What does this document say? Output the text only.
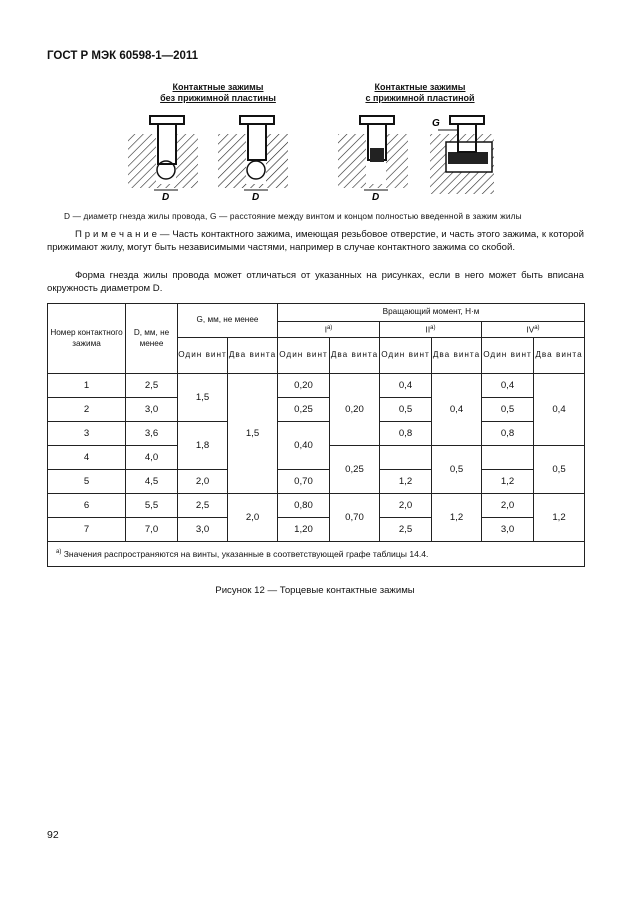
ГОСТ Р МЭК 60598-1—2011
Контактные зажимы
без прижимной пластины
Контактные зажимы
с прижимной пластиной
D	D	D
G
D — диаметр гнезда жилы провода, G — расстояние между винтом и концом полностью введенной в зажим жилы
П р и м е ч а н и е — Часть контактного зажима, имеющая резьбовое отверстие, и часть этого зажима, к которой прижимают жилу, могут быть независимыми частями, например в случае контактного зажима со скобой.
Форма гнезда жилы провода может отличаться от указанных на рисунках, если в него может быть вписана окружность диаметром D.
Номер контактного зажима	D, мм, не менее	G, мм, не менее		Вращающий момент, Н·м					
				$I^{а)}$		$II^{а)}$		$IV^{а)}$
		Один винт	Два винта	Один винт	Два винта	Один винт	Два винта	Один винт	Два винта
1	2,5	1,5	1,5	0,20	0,20	0,4	0,4	0,4	0,4
2	3,0			0,25		0,5		0,5	
3	3,6	1,8		0,40		0,8		0,8	
4	4,0				0,25		0,5		0,5
5	4,5	2,0		0,70		1,2		1,2	
6	5,5	2,5	2,0	0,80	0,70	2,0	1,2	2,0	1,2
7	7,0	3,0		1,20		2,5		3,0	
$^{а)}$ Значения распространяются на винты, указанные в соответствующей графе таблицы 14.4.									
Рисунок 12 — Торцевые контактные зажимы
92
